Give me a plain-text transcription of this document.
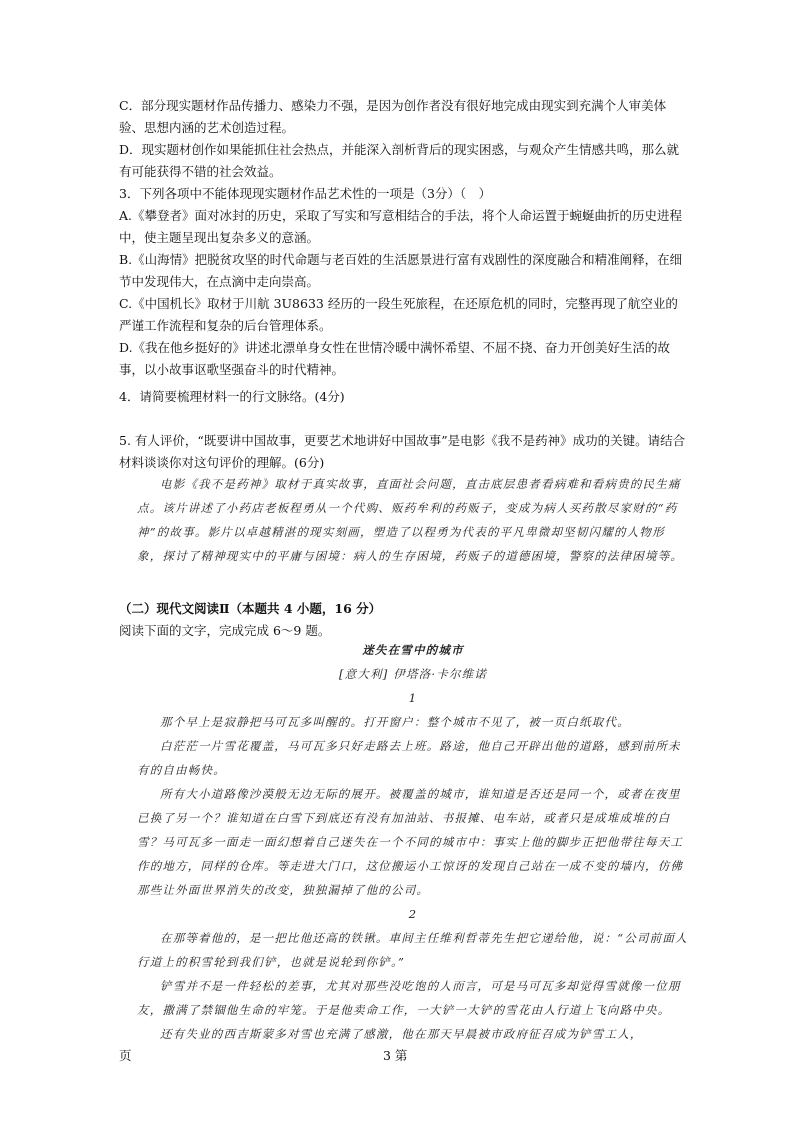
C．部分现实题材作品传播力、感染力不强，是因为创作者没有很好地完成由现实到充满个人审美体验、思想内涵的艺术创造过程。

D．现实题材创作如果能抓住社会热点，并能深入剖析背后的现实困惑，与观众产生情感共鸣，那么就有可能获得不错的社会效益。

3．下列各项中不能体现现实题材作品艺术性的一项是（3分）（　）

A.《攀登者》面对冰封的历史，采取了写实和写意相结合的手法，将个人命运置于蜿蜒曲折的历史进程中，使主题呈现出复杂多义的意涵。

B.《山海情》把脱贫攻坚的时代命题与老百姓的生活愿景进行富有戏剧性的深度融合和精准阐释，在细节中发现伟大，在点滴中走向崇高。

C.《中国机长》取材于川航 3U8633 经历的一段生死旅程，在还原危机的同时，完整再现了航空业的严谨工作流程和复杂的后台管理体系。

D.《我在他乡挺好的》讲述北漂单身女性在世情冷暖中满怀希望、不屈不挠、奋力开创美好生活的故事，以小故事讴歌坚强奋斗的时代精神。

4．请简要梳理材料一的行文脉络。(4分)

5. 有人评价，“既要讲中国故事，更要艺术地讲好中国故事”是电影《我不是药神》成功的关键。请结合材料谈谈你对这句评价的理解。(6分)

电影《我不是药神》取材于真实故事，直面社会问题，直击底层患者看病难和看病贵的民生痛点。该片讲述了小药店老板程勇从一个代购、贩药牟利的药贩子，变成为病人买药散尽家财的“药神”的故事。影片以卓越精湛的现实刻画，塑造了以程勇为代表的平凡卑微却坚韧闪耀的人物形象，探讨了精神现实中的平庸与困境：病人的生存困境，药贩子的道德困境，警察的法律困境等。

（二）现代文阅读Ⅱ（本题共 4 小题，16 分）

阅读下面的文字，完成完成 6～9 题。

迷失在雪中的城市

[意大利] 伊塔洛·卡尔维诺

1

那个早上是寂静把马可瓦多叫醒的。打开窗户：整个城市不见了，被一页白纸取代。

白茫茫一片雪花覆盖，马可瓦多只好走路去上班。路途，他自己开辟出他的道路，感到前所未有的自由畅快。

所有大小道路像沙漠般无边无际的展开。被覆盖的城市，谁知道是否还是同一个，或者在夜里已换了另一个？谁知道在白雪下到底还有没有加油站、书报摊、电车站，或者只是成堆成堆的白雪？马可瓦多一面走一面幻想着自己迷失在一个不同的城市中：事实上他的脚步正把他带往每天工作的地方，同样的仓库。等走进大门口，这位搬运小工惊讶的发现自己站在一成不变的墙内，仿佛那些让外面世界消失的改变，独独漏掉了他的公司。

2

在那等着他的，是一把比他还高的铁锹。車间主任维利哲蒂先生把它递给他，说：“公司前面人行道上的积雪轮到我们铲，也就是说轮到你铲。”

铲雪并不是一件轻松的差事，尤其对那些没吃饱的人而言，可是马可瓦多却觉得雪就像一位朋友，撒满了禁锢他生命的牢笼。于是他卖命工作，一大铲一大铲的雪花由人行道上飞向路中央。

还有失业的西吉斯蒙多对雪也充满了感激，他在那天早晨被市政府征召成为铲雪工人，

页	3 第
